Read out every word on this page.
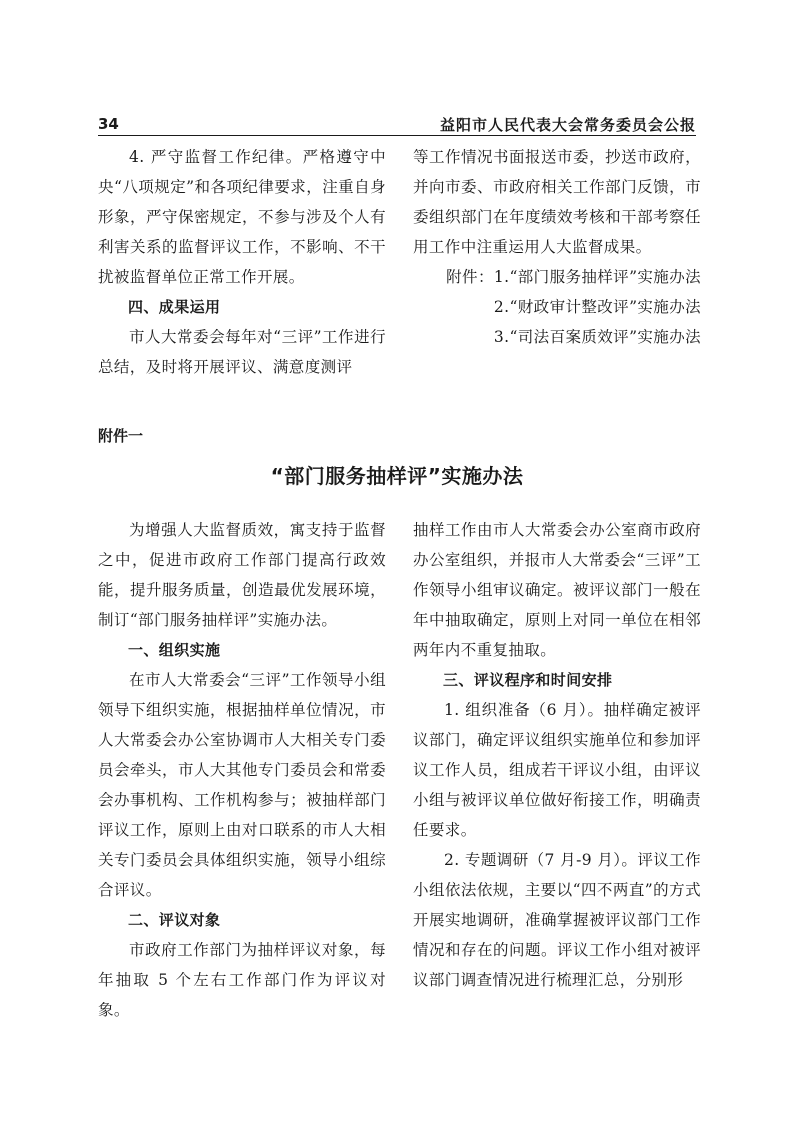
34	益阳市人民代表大会常务委员会公报

4. 严守监督工作纪律。严格遵守中央“八项规定”和各项纪律要求，注重自身形象，严守保密规定，不参与涉及个人有利害关系的监督评议工作，不影响、不干扰被监督单位正常工作开展。

四、成果运用

市人大常委会每年对“三评”工作进行总结，及时将开展评议、满意度测评

等工作情况书面报送市委，抄送市政府，并向市委、市政府相关工作部门反馈，市委组织部门在年度绩效考核和干部考察任用工作中注重运用人大监督成果。

附件：1.“部门服务抽样评”实施办法

2.“财政审计整改评”实施办法

3.“司法百案质效评”实施办法

附件一
“部门服务抽样评”实施办法

为增强人大监督质效，寓支持于监督之中，促进市政府工作部门提高行政效能，提升服务质量，创造最优发展环境，制订“部门服务抽样评”实施办法。

一、组织实施

在市人大常委会“三评”工作领导小组领导下组织实施，根据抽样单位情况，市人大常委会办公室协调市人大相关专门委员会牵头，市人大其他专门委员会和常委会办事机构、工作机构参与；被抽样部门评议工作，原则上由对口联系的市人大相关专门委员会具体组织实施，领导小组综合评议。

二、评议对象

市政府工作部门为抽样评议对象，每年抽取 5 个左右工作部门作为评议对象。

抽样工作由市人大常委会办公室商市政府办公室组织，并报市人大常委会“三评”工作领导小组审议确定。被评议部门一般在年中抽取确定，原则上对同一单位在相邻两年内不重复抽取。

三、评议程序和时间安排

1. 组织准备（6 月）。抽样确定被评议部门，确定评议组织实施单位和参加评议工作人员，组成若干评议小组，由评议小组与被评议单位做好衔接工作，明确责任要求。

2. 专题调研（7 月-9 月）。评议工作小组依法依规，主要以“四不两直”的方式开展实地调研，准确掌握被评议部门工作情况和存在的问题。评议工作小组对被评议部门调查情况进行梳理汇总，分别形
